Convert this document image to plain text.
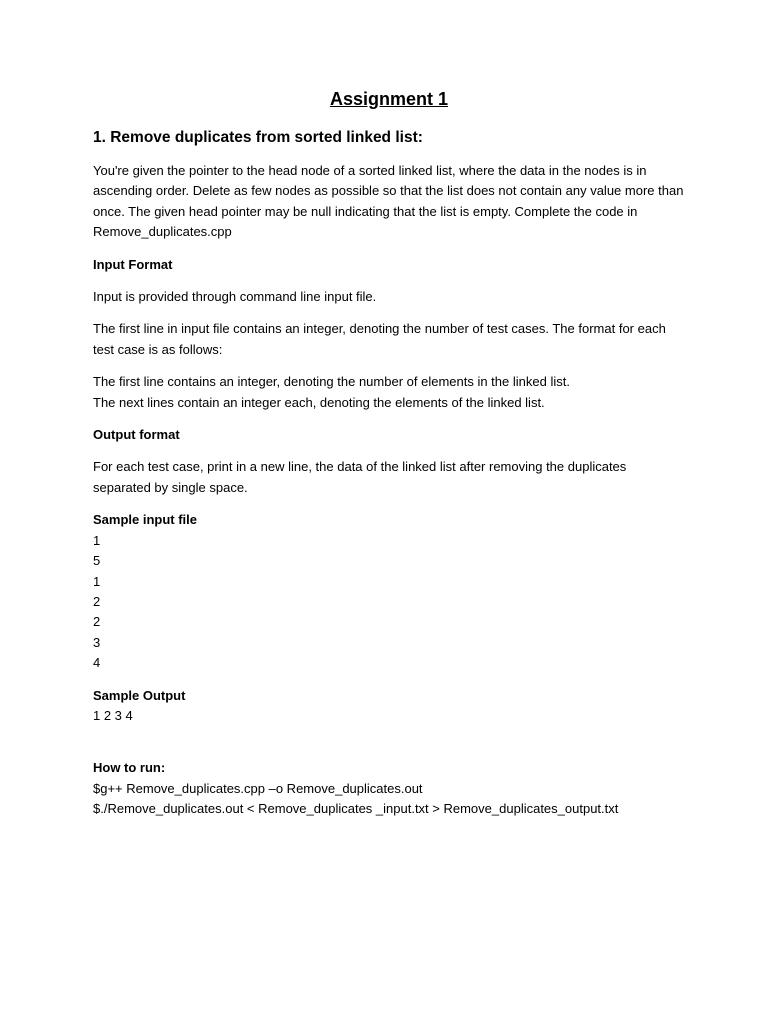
Assignment 1
1. Remove duplicates from sorted linked list:

You're given the pointer to the head node of a sorted linked list, where the data in the nodes is in ascending order. Delete as few nodes as possible so that the list does not contain any value more than once. The given head pointer may be null indicating that the list is empty. Complete the code in Remove_duplicates.cpp

Input Format

Input is provided through command line input file.

The first line in input file contains an integer, denoting the number of test cases. The format for each test case is as follows:

The first line contains an integer, denoting the number of elements in the linked list.
The next lines contain an integer each, denoting the elements of the linked list.
Output format

For each test case, print in a new line, the data of the linked list after removing the duplicates separated by single space.

Sample input file
1
5
1
2
2
3
4
Sample Output
1 2 3 4
How to run:
$g++ Remove_duplicates.cpp –o Remove_duplicates.out
$./Remove_duplicates.out < Remove_duplicates _input.txt > Remove_duplicates_output.txt
